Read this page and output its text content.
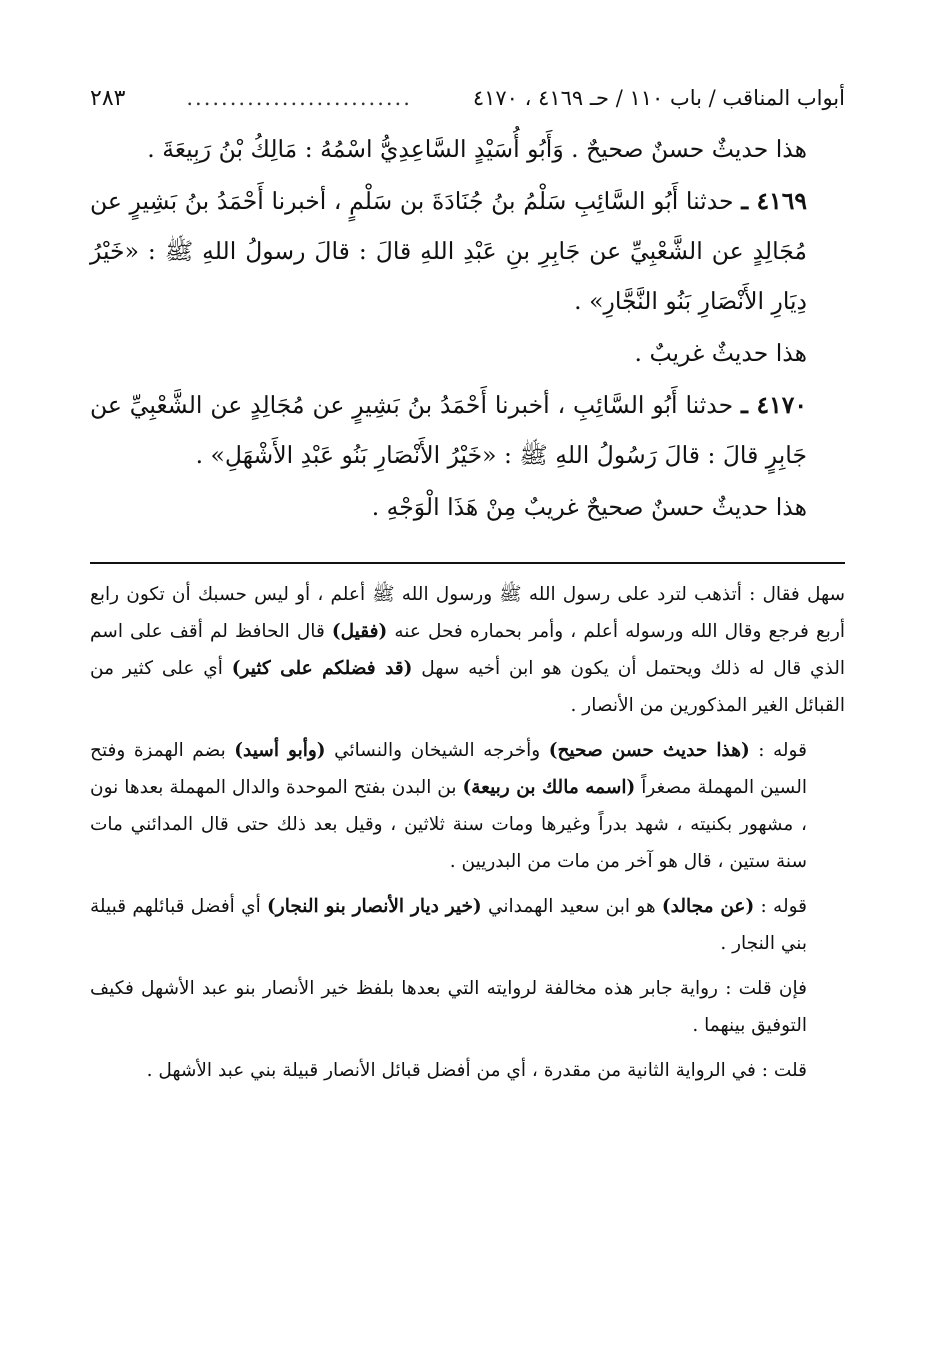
أبواب المناقب / باب ١١٠ / حـ ٤١٦٩ ، ٤١٧٠
..........................
٢٨٣

هذا حديثٌ حسنٌ صحيحٌ . وَأَبُو أُسَيْدٍ السَّاعِدِيُّ اسْمُهُ : مَالِكُ بْنُ رَبِيعَةَ .

٤١٦٩ ـ حدثنا أَبُو السَّائِبِ سَلْمُ بنُ جُنَادَةَ بن سَلْمٍ ، أخبرنا أَحْمَدُ بنُ بَشِيرٍ عن مُجَالِدٍ عن الشَّعْبِيِّ عن جَابِرِ بنِ عَبْدِ اللهِ قالَ : قالَ رسولُ اللهِ ﷺ : «خَيْرُ دِيَارِ الأَنْصَارِ بَنُو النَّجَّارِ» .

هذا حديثٌ غريبٌ .

٤١٧٠ ـ حدثنا أَبُو السَّائِبِ ، أخبرنا أَحْمَدُ بنُ بَشِيرٍ عن مُجَالِدٍ عن الشَّعْبِيِّ عن جَابِرٍ قالَ : قالَ رَسُولُ اللهِ ﷺ : «خَيْرُ الأَنْصَارِ بَنُو عَبْدِ الأَشْهَلِ» .

هذا حديثٌ حسنٌ صحيحٌ غريبٌ مِنْ هَذَا الْوَجْهِ .

سهل فقال : أتذهب لترد على رسول الله ﷺ ورسول الله ﷺ أعلم ، أو ليس حسبك أن تكون رابع أربع فرجع وقال الله ورسوله أعلم ، وأمر بحماره فحل عنه (فقيل) قال الحافظ لم أقف على اسم الذي قال له ذلك ويحتمل أن يكون هو ابن أخيه سهل (قد فضلكم على كثير) أي على كثير من القبائل الغير المذكورين من الأنصار .

قوله : (هذا حديث حسن صحيح) وأخرجه الشيخان والنسائي (وأبو أسيد) بضم الهمزة وفتح السين المهملة مصغراً (اسمه مالك بن ربيعة) بن البدن بفتح الموحدة والدال المهملة بعدها نون ، مشهور بكنيته ، شهد بدراً وغيرها ومات سنة ثلاثين ، وقيل بعد ذلك حتى قال المدائني مات سنة ستين ، قال هو آخر من مات من البدريين .

قوله : (عن مجالد) هو ابن سعيد الهمداني (خير ديار الأنصار بنو النجار) أي أفضل قبائلهم قبيلة بني النجار .

فإن قلت : رواية جابر هذه مخالفة لروايته التي بعدها بلفظ خير الأنصار بنو عبد الأشهل فكيف التوفيق بينهما .

قلت : في الرواية الثانية من مقدرة ، أي من أفضل قبائل الأنصار قبيلة بني عبد الأشهل .
